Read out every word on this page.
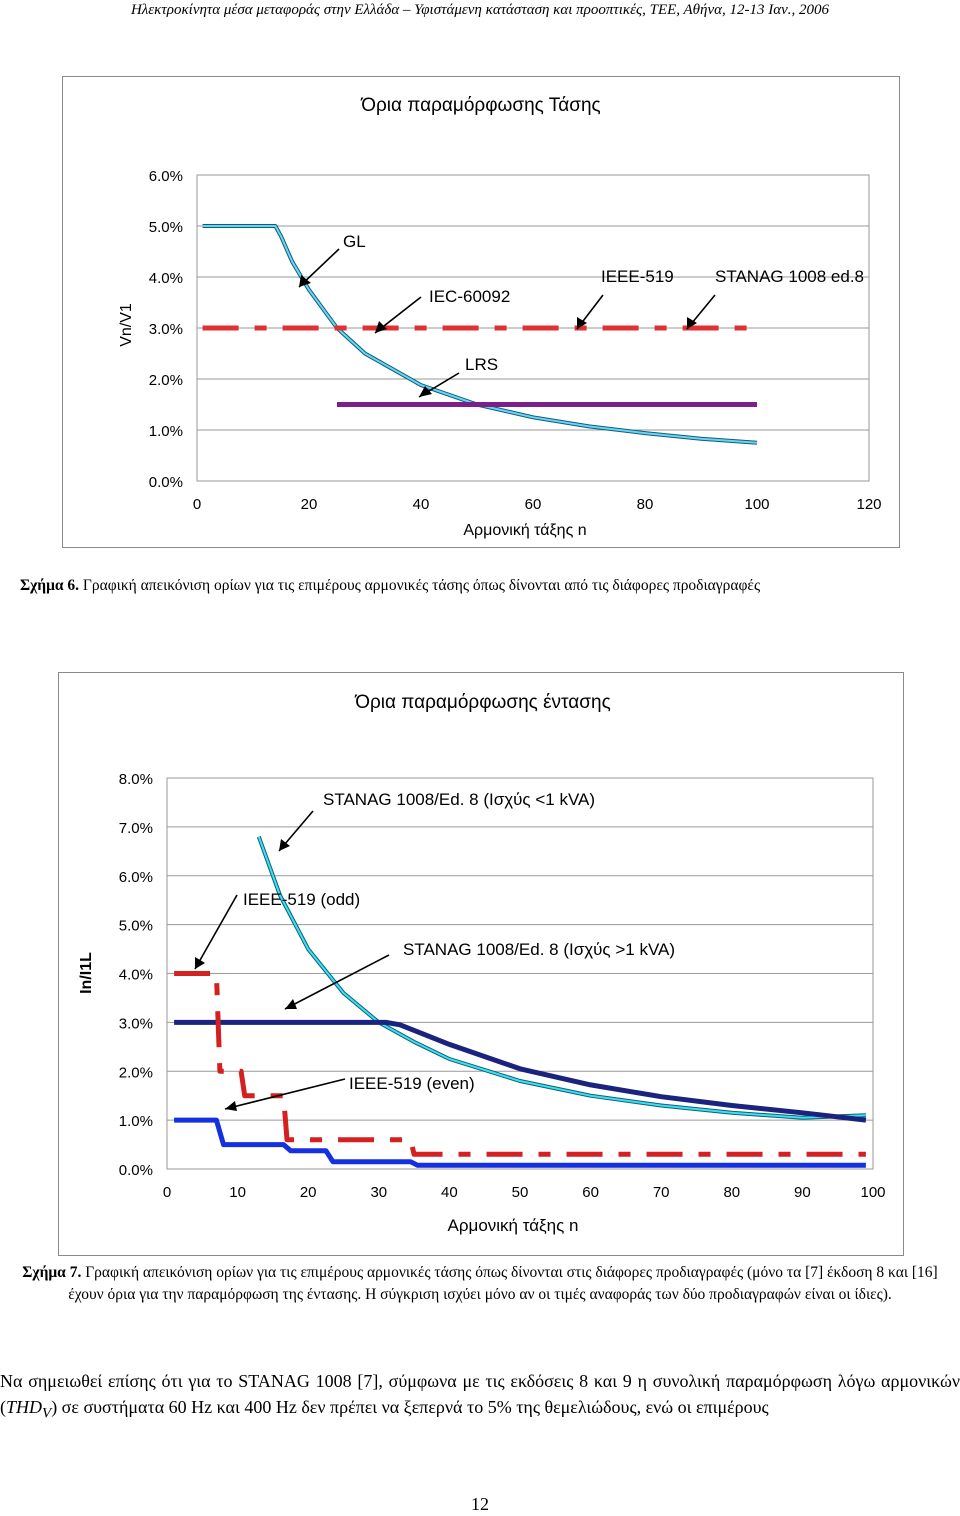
Ηλεκτροκίνητα μέσα μεταφοράς στην Ελλάδα – Υφιστάμενη κατάσταση και προοπτικές, ΤΕΕ, Αθήνα, 12-13 Ιαν., 2006
Όρια παραμόρφωσης Τάσης
0.0%
1.0%
2.0%
3.0%
4.0%
5.0%
6.0%
0	20	40	60	80	100	120
Vn/V1
Αρμονική τάξης n
GL
IEC-60092
IEEE-519 STANAG 1008 ed.8
LRS
Σχήμα 6. Γραφική απεικόνιση ορίων για τις επιμέρους αρμονικές τάσης όπως δίνονται από τις διάφορες προδιαγραφές
Όρια παραμόρφωσης έντασης
0.0%
1.0%
2.0%
3.0%
4.0%
5.0%
6.0%
7.0%
8.0%
0	10	20	30	40	50	60	70	80	90	100
In/I1L
Αρμονική τάξης n
STANAG 1008/Ed. 8 (Ισχύς <1 kVA)
IEEE-519 (odd)
STANAG 1008/Ed. 8 (Ισχύς >1 kVA)
IEEE-519 (even)
Σχήμα 7. Γραφική απεικόνιση ορίων για τις επιμέρους αρμονικές τάσης όπως δίνονται στις διάφορες προδιαγραφές (μόνο τα [7] έκδοση 8 και [16] έχουν όρια για την παραμόρφωση της έντασης. Η σύγκριση ισχύει μόνο αν οι τιμές αναφοράς των δύο προδιαγραφών είναι οι ίδιες).
Να σημειωθεί επίσης ότι για το STANAG 1008 [7], σύμφωνα με τις εκδόσεις 8 και 9 η συνολική παραμόρφωση λόγω αρμονικών $(THD_V)$ σε συστήματα 60 Hz και 400 Hz δεν πρέπει να ξεπερνά το 5% της θεμελιώδους, ενώ οι επιμέρους
12
